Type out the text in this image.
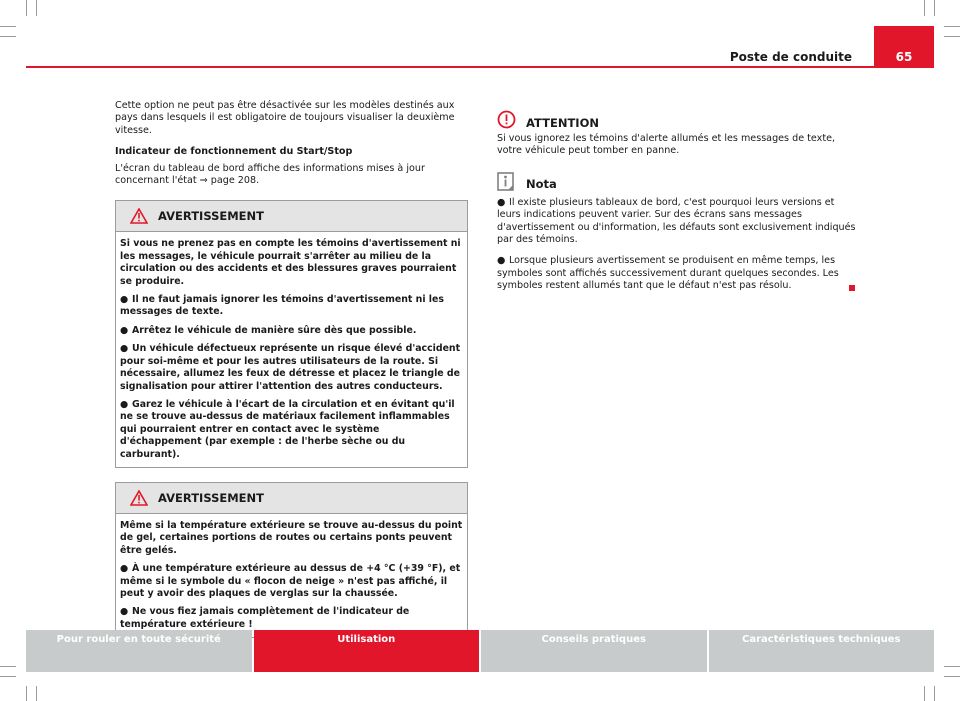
65
Poste de conduite

Cette option ne peut pas être désactivée sur les modèles destinés aux pays dans lesquels il est obligatoire de toujours visualiser la deuxième vitesse.

Indicateur de fonctionnement du Start/Stop

L'écran du tableau de bord affiche des informations mises à jour concernant l'état ⇒ page 208.

AVERTISSEMENT

Si vous ne prenez pas en compte les témoins d'avertissement ni les messages, le véhicule pourrait s'arrêter au milieu de la circulation ou des accidents et des blessures graves pourraient se produire.

● Il ne faut jamais ignorer les témoins d'avertissement ni les messages de texte.

● Arrêtez le véhicule de manière sûre dès que possible.

● Un véhicule défectueux représente un risque élevé d'accident pour soi-même et pour les autres utilisateurs de la route. Si nécessaire, allumez les feux de détresse et placez le triangle de signalisation pour attirer l'attention des autres conducteurs.

● Garez le véhicule à l'écart de la circulation et en évitant qu'il ne se trouve au-dessus de matériaux facilement inflammables qui pourraient entrer en contact avec le système d'échappement (par exemple : de l'herbe sèche ou du carburant).

AVERTISSEMENT

Même si la température extérieure se trouve au-dessus du point de gel, certaines portions de routes ou certains ponts peuvent être gelés.

● À une température extérieure au dessus de +4 °C (+39 °F), et même si le symbole du « flocon de neige » n'est pas affiché, il peut y avoir des plaques de verglas sur la chaussée.

● Ne vous fiez jamais complètement de l'indicateur de température extérieure !

ATTENTION

Si vous ignorez les témoins d'alerte allumés et les messages de texte, votre véhicule peut tomber en panne.

Nota

● Il existe plusieurs tableaux de bord, c'est pourquoi leurs versions et leurs indications peuvent varier. Sur des écrans sans messages d'avertissement ou d'information, les défauts sont exclusivement indiqués par des témoins.

● Lorsque plusieurs avertissement se produisent en même temps, les symboles sont affichés successivement durant quelques secondes. Les symboles restent allumés tant que le défaut n'est pas résolu.

Pour rouler en toute sécurité	Utilisation	Conseils pratiques	Caractéristiques techniques
